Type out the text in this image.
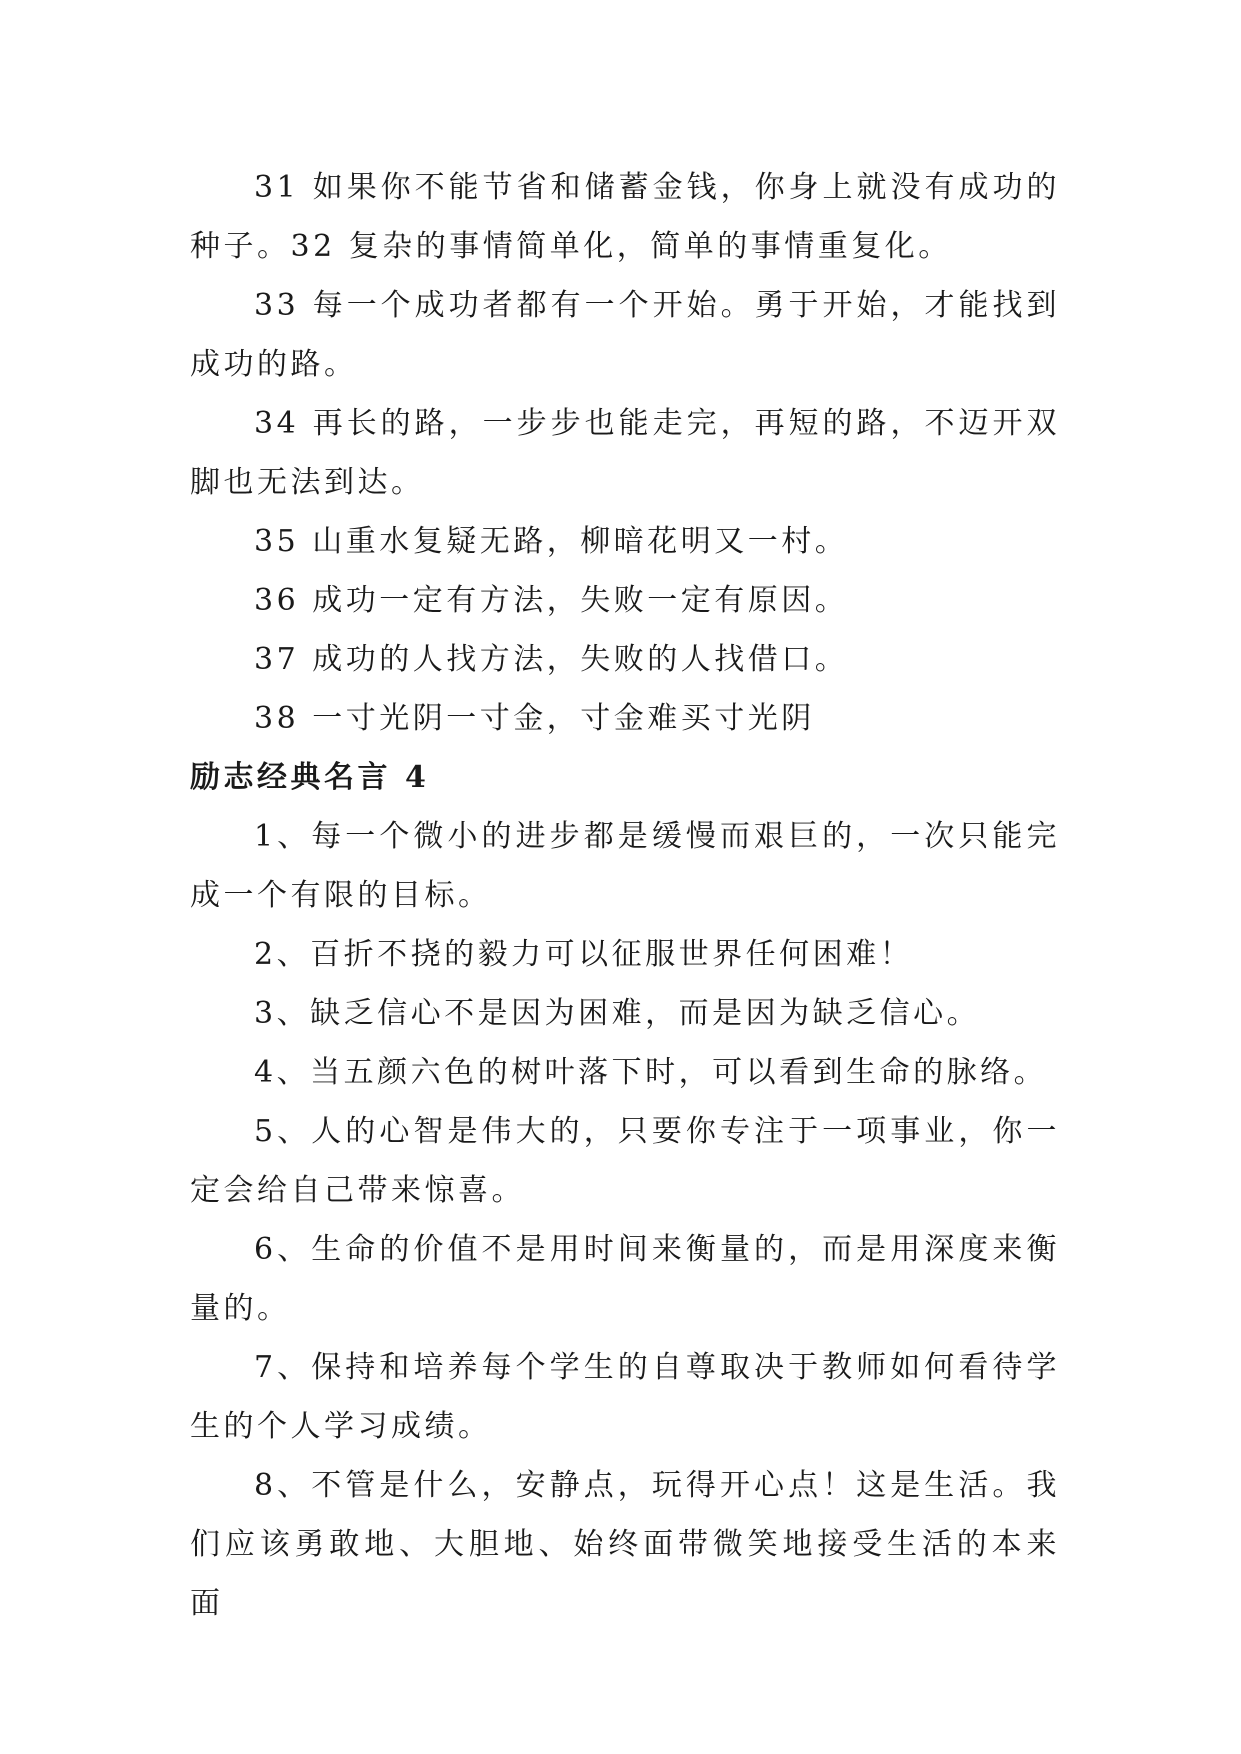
31 如果你不能节省和储蓄金钱，你身上就没有成功的种子。32 复杂的事情简单化，简单的事情重复化。

33 每一个成功者都有一个开始。勇于开始，才能找到成功的路。

34 再长的路，一步步也能走完，再短的路，不迈开双脚也无法到达。

35 山重水复疑无路，柳暗花明又一村。

36 成功一定有方法，失败一定有原因。

37 成功的人找方法，失败的人找借口。

38 一寸光阴一寸金，寸金难买寸光阴

励志经典名言 4

1、每一个微小的进步都是缓慢而艰巨的，一次只能完成一个有限的目标。

2、百折不挠的毅力可以征服世界任何困难！

3、缺乏信心不是因为困难，而是因为缺乏信心。

4、当五颜六色的树叶落下时，可以看到生命的脉络。

5、人的心智是伟大的，只要你专注于一项事业，你一定会给自己带来惊喜。

6、生命的价值不是用时间来衡量的，而是用深度来衡量的。

7、保持和培养每个学生的自尊取决于教师如何看待学生的个人学习成绩。

8、不管是什么，安静点，玩得开心点！这是生活。我们应该勇敢地、大胆地、始终面带微笑地接受生活的本来面
